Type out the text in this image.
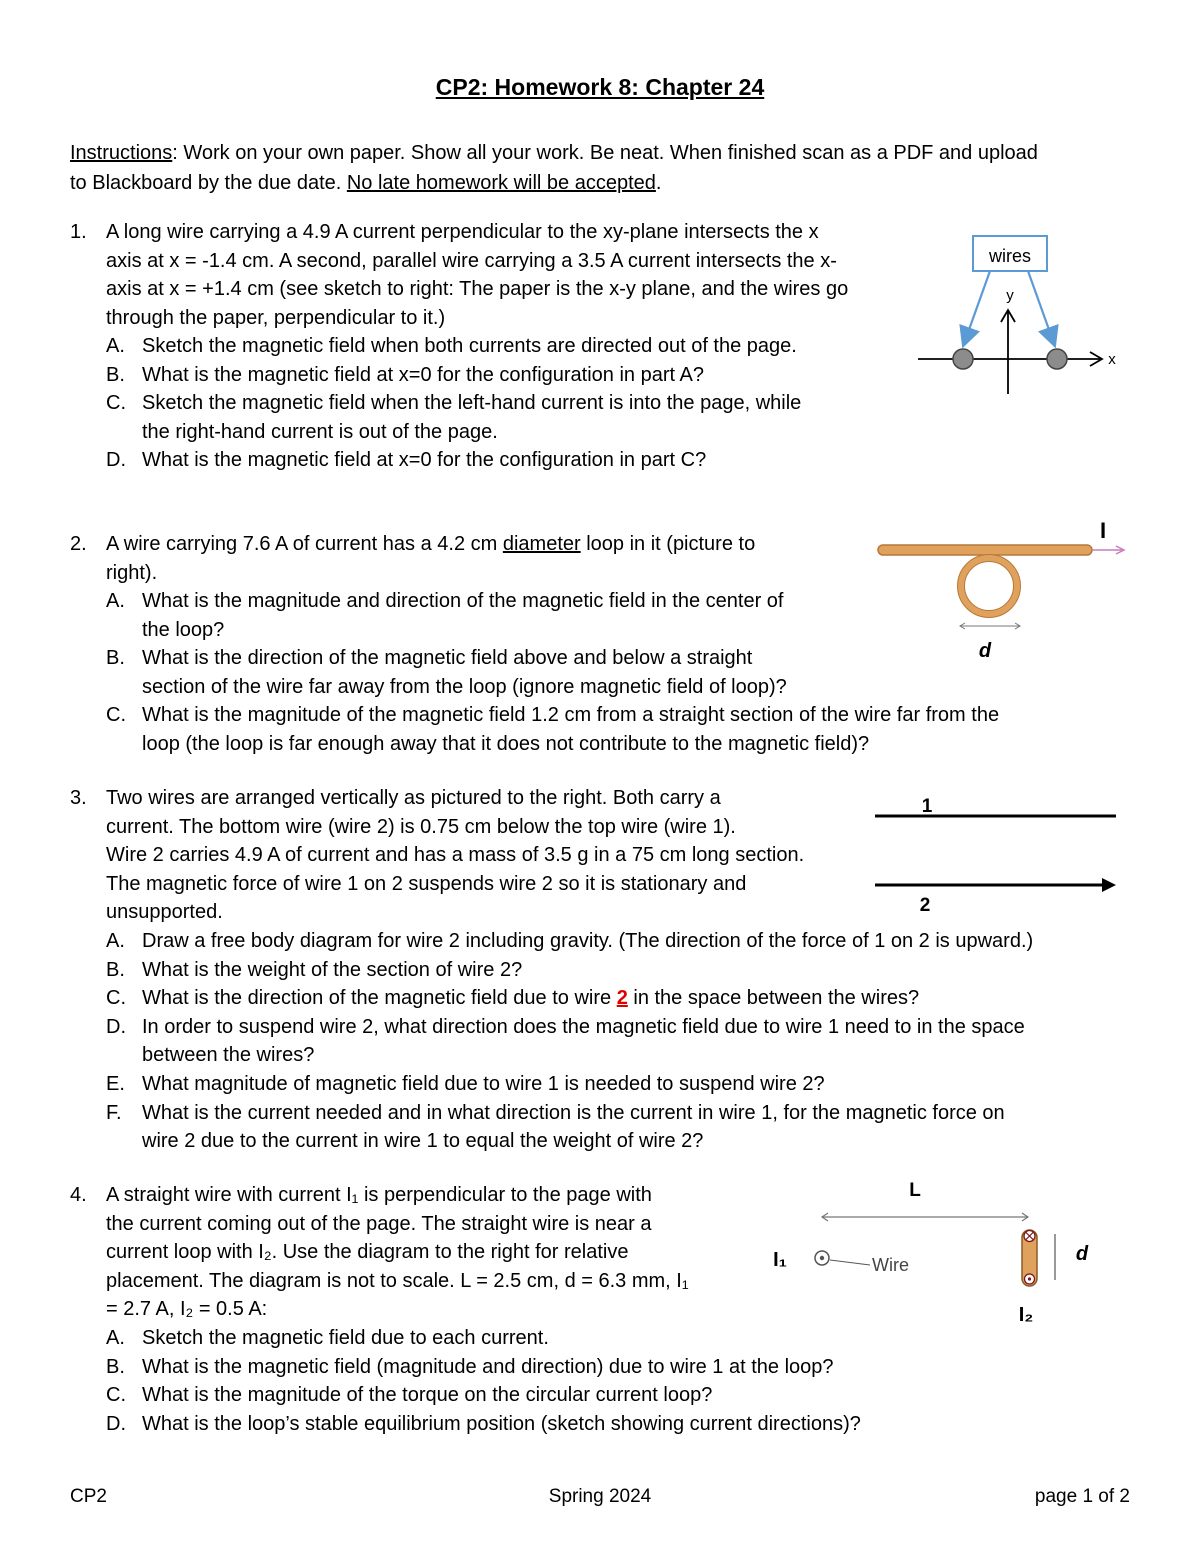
CP2: Homework 8: Chapter 24
Instructions: Work on your own paper. Show all your work. Be neat. When finished scan as a PDF and upload
to Blackboard by the due date. No late homework will be accepted.
1. A long wire carrying a 4.9 A current perpendicular to the xy-plane intersects the x
axis at x = -1.4 cm. A second, parallel wire carrying a 3.5 A current intersects the x-
axis at x = +1.4 cm (see sketch to right: The paper is the x-y plane, and the wires go
through the paper, perpendicular to it.)
A. Sketch the magnetic field when both currents are directed out of the page.
B. What is the magnetic field at x=0 for the configuration in part A?
C. Sketch the magnetic field when the left-hand current is into the page, while
the right-hand current is out of the page.
D. What is the magnetic field at x=0 for the configuration in part C?
wires
y
x
2. A wire carrying 7.6 A of current has a 4.2 cm diameter loop in it (picture to
right).
A. What is the magnitude and direction of the magnetic field in the center of
the loop?
B. What is the direction of the magnetic field above and below a straight
section of the wire far away from the loop (ignore magnetic field of loop)?
C. What is the magnitude of the magnetic field 1.2 cm from a straight section of the wire far from the
loop (the loop is far enough away that it does not contribute to the magnetic field)?
I
d
3. Two wires are arranged vertically as pictured to the right. Both carry a
current. The bottom wire (wire 2) is 0.75 cm below the top wire (wire 1).
Wire 2 carries 4.9 A of current and has a mass of 3.5 g in a 75 cm long section.
The magnetic force of wire 1 on 2 suspends wire 2 so it is stationary and
unsupported.
A. Draw a free body diagram for wire 2 including gravity. (The direction of the force of 1 on 2 is upward.)
B. What is the weight of the section of wire 2?
C. What is the direction of the magnetic field due to wire 2 in the space between the wires?
D. In order to suspend wire 2, what direction does the magnetic field due to wire 1 need to in the space
between the wires?
E. What magnitude of magnetic field due to wire 1 is needed to suspend wire 2?
F. What is the current needed and in what direction is the current in wire 1, for the magnetic force on
wire 2 due to the current in wire 1 to equal the weight of wire 2?
1
2
4. A straight wire with current I₁ is perpendicular to the page with
the current coming out of the page. The straight wire is near a
current loop with I₂. Use the diagram to the right for relative
placement. The diagram is not to scale. L = 2.5 cm, d = 6.3 mm, I₁
= 2.7 A, I₂ = 0.5 A:
A. Sketch the magnetic field due to each current.
B. What is the magnetic field (magnitude and direction) due to wire 1 at the loop?
C. What is the magnitude of the torque on the circular current loop?
D. What is the loop’s stable equilibrium position (sketch showing current directions)?
L
I₁	Wire	d
I₂
CP2	Spring 2024	page 1 of 2
